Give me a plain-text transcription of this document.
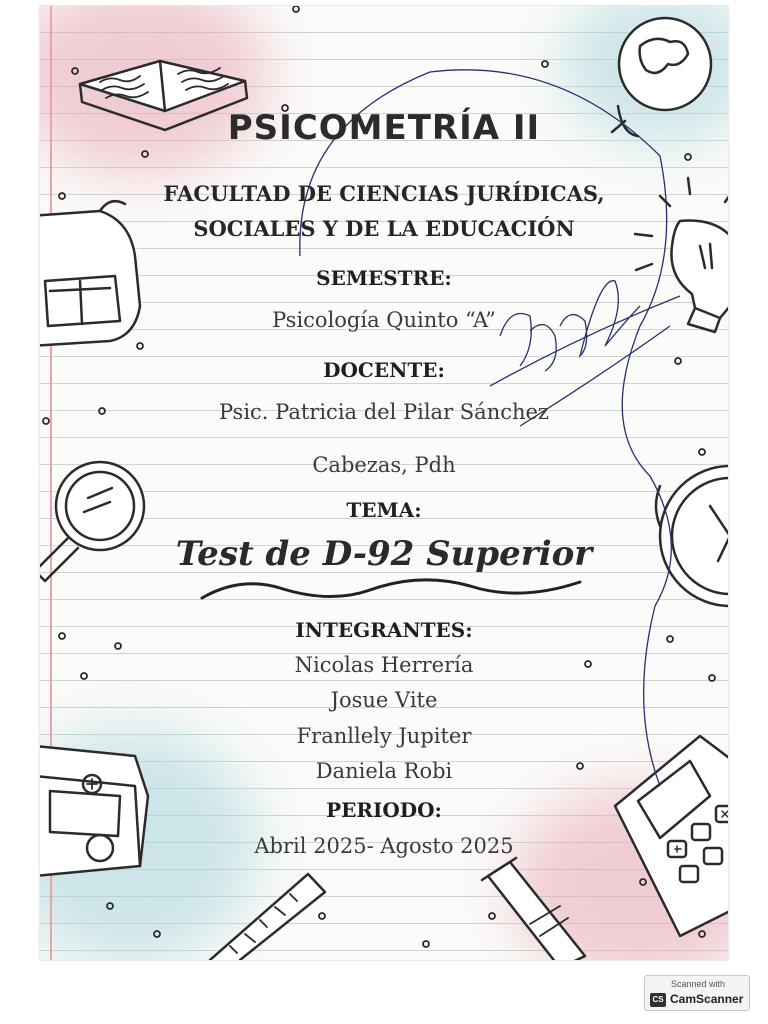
PSICOMETRÍA II
FACULTAD DE CIENCIAS JURÍDICAS,
SOCIALES Y DE LA EDUCACIÓN
SEMESTRE:
Psicología Quinto “A”
DOCENTE:
Psic. Patricia del Pilar Sánchez
Cabezas, Pdh
TEMA:
Test de D-92 Superior
INTEGRANTES:
Nicolas Herrería
Josue Vite
Franllely Jupiter
Daniela Robi
PERIODO:
Abril 2025- Agosto 2025
Scanned with
CS CamScanner
